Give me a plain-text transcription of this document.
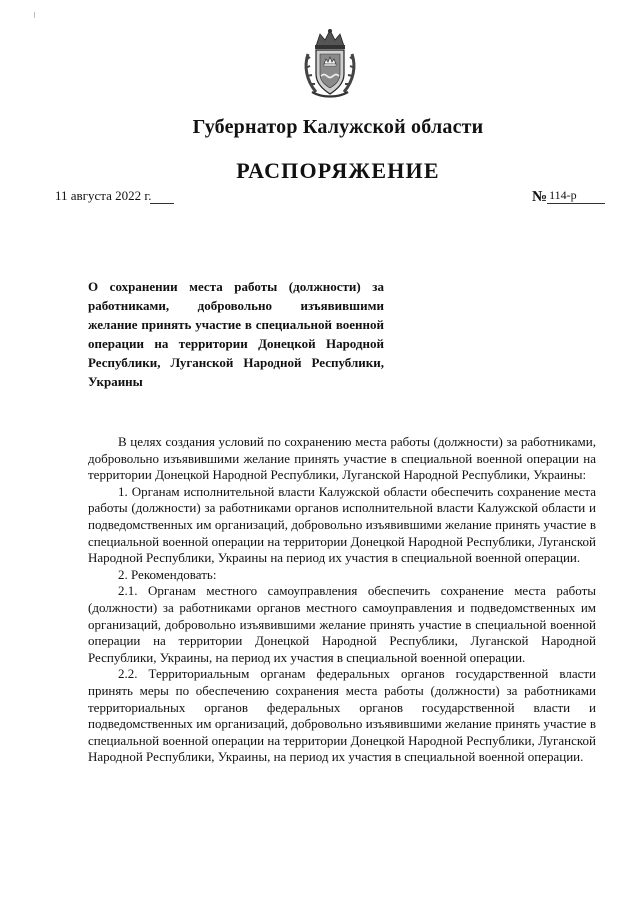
Губернатор Калужской области
РАСПОРЯЖЕНИЕ
11 августа 2022 г.	№ 114-р
О сохранении места работы (должности) за работниками, добровольно изъявившими желание принять участие в специальной военной операции на территории Донецкой Народной Республики, Луганской Народной Республики, Украины

В целях создания условий по сохранению места работы (должности) за работниками, добровольно изъявившими желание принять участие в специальной военной операции на территории Донецкой Народной Республики, Луганской Народной Республики, Украины:

1. Органам исполнительной власти Калужской области обеспечить сохранение места работы (должности) за работниками органов исполнительной власти Калужской области и подведомственных им организаций, добровольно изъявившими желание принять участие в специальной военной операции на территории Донецкой Народной Республики, Луганской Народной Республики, Украины на период их участия в специальной военной операции.

2. Рекомендовать:

2.1. Органам местного самоуправления обеспечить сохранение места работы (должности) за работниками органов местного самоуправления и подведомственных им организаций, добровольно изъявившими желание принять участие в специальной военной операции на территории Донецкой Народной Республики, Луганской Народной Республики, Украины, на период их участия в специальной военной операции.

2.2. Территориальным органам федеральных органов государственной власти принять меры по обеспечению сохранения места работы (должности) за работниками территориальных органов федеральных органов государственной власти и подведомственных им организаций, добровольно изъявившими желание принять участие в специальной военной операции на территории Донецкой Народной Республики, Луганской Народной Республики, Украины, на период их участия в специальной военной операции.
